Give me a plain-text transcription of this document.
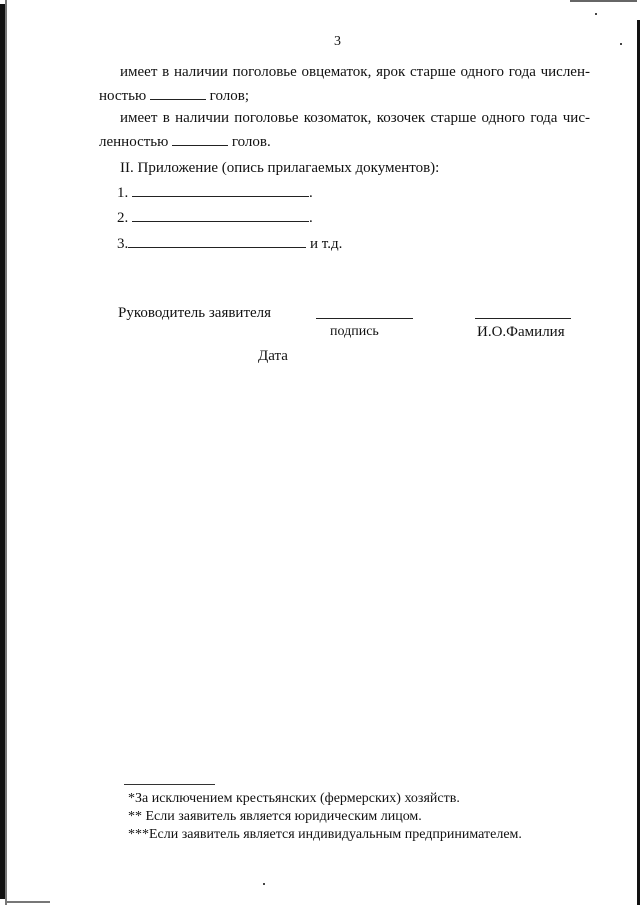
3
имеет в наличии поголовье овцематок, ярок старше одного года числен-
ностью	голов;
имеет в наличии поголовье козоматок, козочек старше одного года чис-
ленностью	голов.
II. Приложение (опись прилагаемых документов):
1.	.
2.	.
3.	и т.д.
Руководитель заявителя
подпись	И.О.Фамилия
Дата
*За исключением крестьянских (фермерских) хозяйств.
** Если заявитель является юридическим лицом.
***Если заявитель является индивидуальным предпринимателем.
